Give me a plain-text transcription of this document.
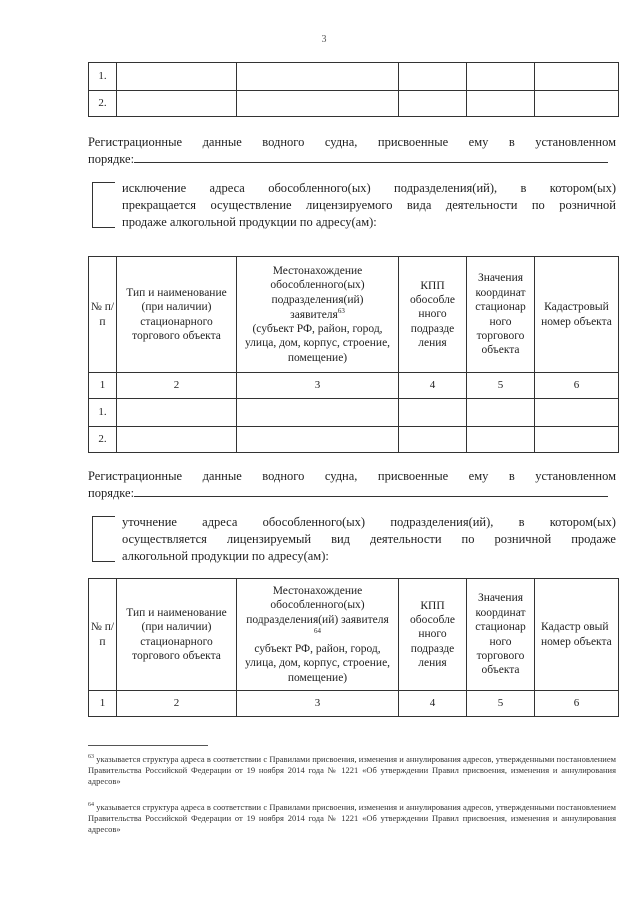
3
1.					
2.					
Регистрационные данные водного судна, присвоенные ему в установленном
порядке:
исключение адреса обособленного(ых) подразделения(ий), в котором(ых)
прекращается осуществление лицензируемого вида деятельности по розничной
продаже алкогольной продукции по адресу(ам):
№ п/п	Тип и наименование (при наличии) стационарного торгового объекта	Местонахождение обособленного(ых) подразделения(ий) заявителя$^{63}$
(субъект РФ, район, город, улица, дом, корпус, строение, помещение)	КПП обособле нного подразде ления	Значения координат стационар ного торгового объекта	Кадастровый номер объекта
1	2	3	4	5	6
1.					
2.					
Регистрационные данные водного судна, присвоенные ему в установленном
порядке:
уточнение адреса обособленного(ых) подразделения(ий), в котором(ых)
осуществляется лицензируемый вид деятельности по розничной продаже
алкогольной продукции по адресу(ам):
№ п/п	Тип и наименование (при наличии) стационарного торгового объекта	Местонахождение обособленного(ых) подразделения(ий) заявителя $^{64}$
субъект РФ, район, город, улица, дом, корпус, строение, помещение)	КПП обособле нного подразде ления	Значения координат стационар ного торгового объекта	Кадастр овый номер объекта
1	2	3	4	5	6
$^{63}$ указывается структура адреса в соответствии с Правилами присвоения, изменения и аннулирования адресов, утвержденными постановлением Правительства Российской Федерации от 19 ноября 2014 года № 1221 «Об утверждении Правил присвоения, изменения и аннулирования адресов»
$^{64}$ указывается структура адреса в соответствии с Правилами присвоения, изменения и аннулирования адресов, утвержденными постановлением Правительства Российской Федерации от 19 ноября 2014 года № 1221 «Об утверждении Правил присвоения, изменения и аннулирования адресов»
